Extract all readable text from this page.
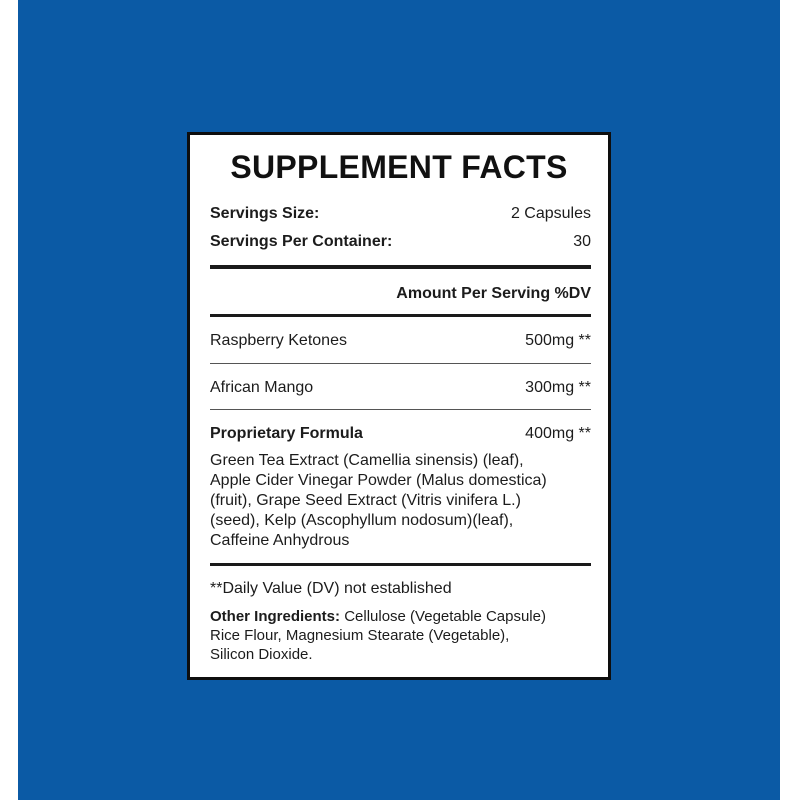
SUPPLEMENT FACTS
Servings Size:	2 Capsules
Servings Per Container:	30
Amount Per Serving %DV
Raspberry Ketones	500mg **
African Mango	300mg **
Proprietary Formula	400mg **
Green Tea Extract (Camellia sinensis) (leaf),
Apple Cider Vinegar Powder (Malus domestica)
(fruit), Grape Seed Extract (Vitris vinifera L.)
(seed), Kelp (Ascophyllum nodosum)(leaf),
Caffeine Anhydrous
**Daily Value (DV) not established
Other Ingredients: Cellulose (Vegetable Capsule)
Rice Flour, Magnesium Stearate (Vegetable),
Silicon Dioxide.
